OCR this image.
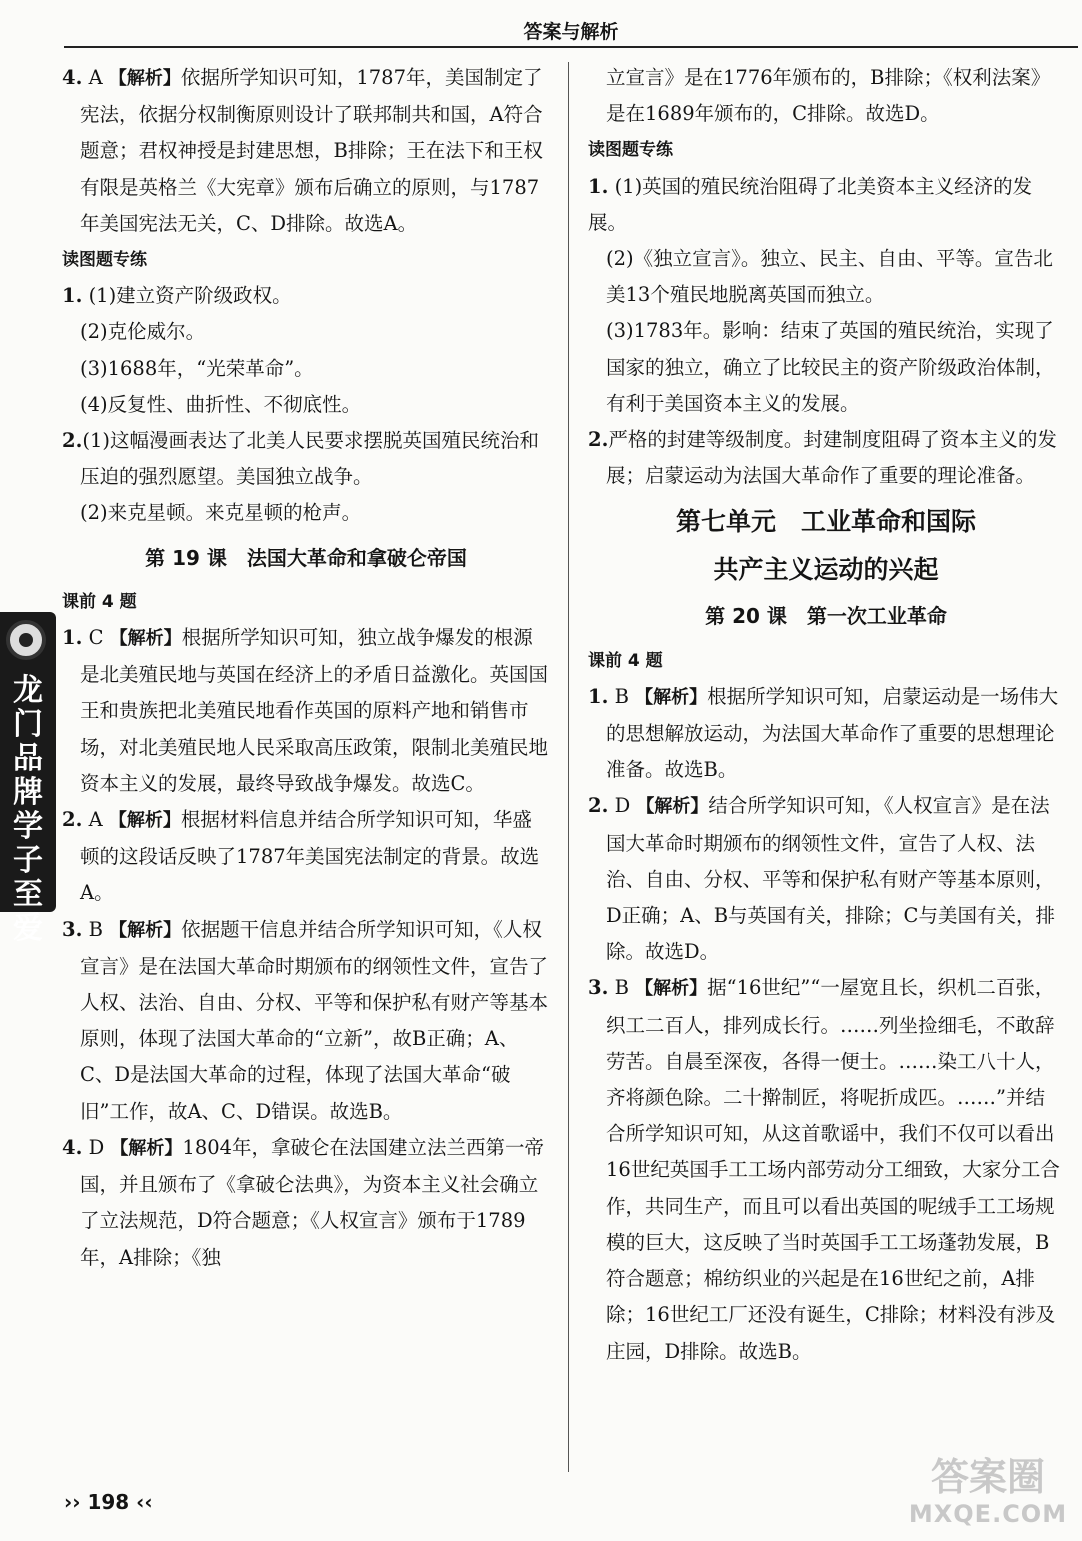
答案与解析

4. A 【解析】依据所学知识可知，1787年，美国制定了宪法，依据分权制衡原则设计了联邦制共和国，A符合题意；君权神授是封建思想，B排除；王在法下和王权有限是英格兰《大宪章》颁布后确立的原则，与1787年美国宪法无关，C、D排除。故选A。

读图题专练

1. (1)建立资产阶级政权。

(2)克伦威尔。

(3)1688年，“光荣革命”。

(4)反复性、曲折性、不彻底性。

2.(1)这幅漫画表达了北美人民要求摆脱英国殖民统治和压迫的强烈愿望。美国独立战争。

(2)来克星顿。来克星顿的枪声。

第 19 课　法国大革命和拿破仑帝国

课前 4 题

1. C 【解析】根据所学知识可知，独立战争爆发的根源是北美殖民地与英国在经济上的矛盾日益激化。英国国王和贵族把北美殖民地看作英国的原料产地和销售市场，对北美殖民地人民采取高压政策，限制北美殖民地资本主义的发展，最终导致战争爆发。故选C。

2. A 【解析】根据材料信息并结合所学知识可知，华盛顿的这段话反映了1787年美国宪法制定的背景。故选A。

3. B 【解析】依据题干信息并结合所学知识可知，《人权宣言》是在法国大革命时期颁布的纲领性文件，宣告了人权、法治、自由、分权、平等和保护私有财产等基本原则，体现了法国大革命的“立新”，故B正确；A、C、D是法国大革命的过程，体现了法国大革命“破旧”工作，故A、C、D错误。故选B。

4. D 【解析】1804年，拿破仑在法国建立法兰西第一帝国，并且颁布了《拿破仑法典》，为资本主义社会确立了立法规范，D符合题意；《人权宣言》颁布于1789年，A排除；《独

立宣言》是在1776年颁布的，B排除；《权利法案》是在1689年颁布的，C排除。故选D。

读图题专练

1. (1)英国的殖民统治阻碍了北美资本主义经济的发展。

(2)《独立宣言》。独立、民主、自由、平等。宣告北美13个殖民地脱离英国而独立。

(3)1783年。影响：结束了英国的殖民统治，实现了国家的独立，确立了比较民主的资产阶级政治体制，有利于美国资本主义的发展。

2.严格的封建等级制度。封建制度阻碍了资本主义的发展；启蒙运动为法国大革命作了重要的理论准备。

第七单元　工业革命和国际

共产主义运动的兴起

第 20 课　第一次工业革命

课前 4 题

1. B 【解析】根据所学知识可知，启蒙运动是一场伟大的思想解放运动，为法国大革命作了重要的思想理论准备。故选B。

2. D 【解析】结合所学知识可知，《人权宣言》是在法国大革命时期颁布的纲领性文件，宣告了人权、法治、自由、分权、平等和保护私有财产等基本原则，D正确；A、B与英国有关，排除；C与美国有关，排除。故选D。

3. B 【解析】据“16世纪”“一屋宽且长，织机二百张，织工二百人，排列成长行。……列坐捡细毛，不敢辞劳苦。自晨至深夜，各得一便士。……染工八十人，齐将颜色除。二十擀制匠，将呢折成匹。……”并结合所学知识可知，从这首歌谣中，我们不仅可以看出16世纪英国手工工场内部劳动分工细致，大家分工合作，共同生产，而且可以看出英国的呢绒手工工场规模的巨大，这反映了当时英国手工工场蓬勃发展，B符合题意；棉纺织业的兴起是在16世纪之前，A排除；16世纪工厂还没有诞生，C排除；材料没有涉及庄园，D排除。故选B。

龙门品牌学子至爱
›› 198 ‹‹
答案圈
MXQE.COM
